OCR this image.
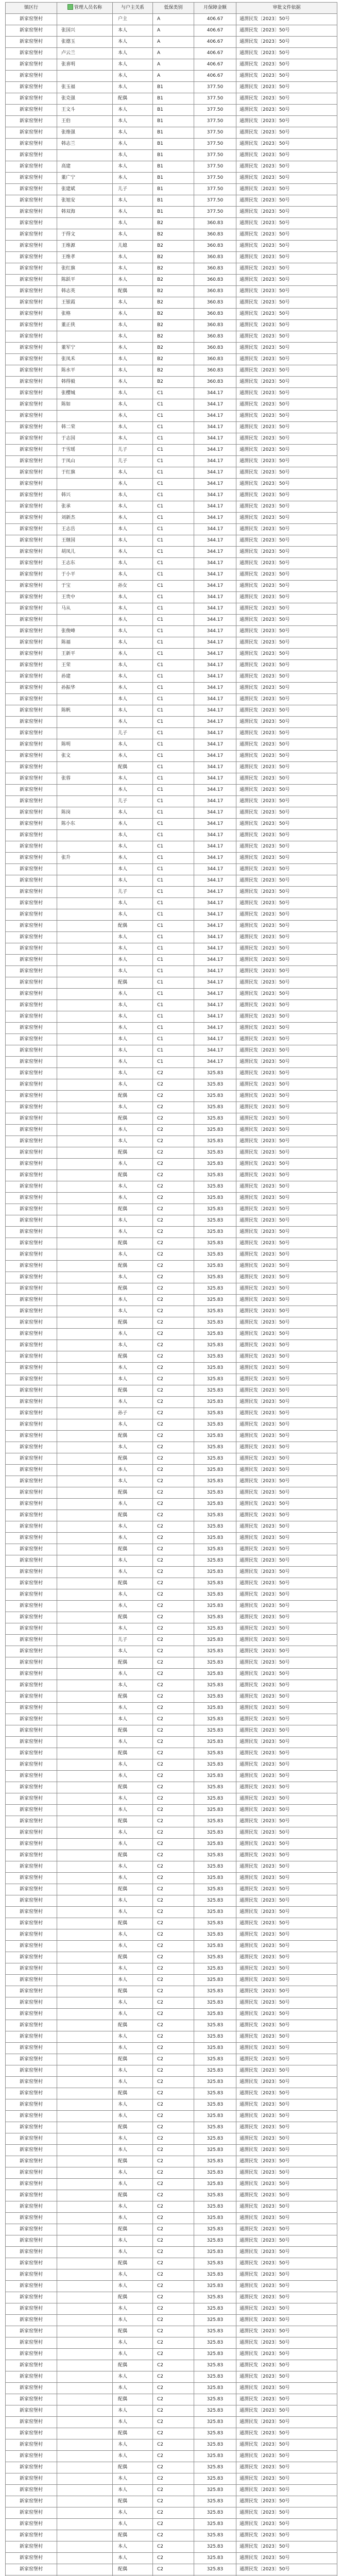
镇区行	管理人员名称	与户主关系	低保类别	月保障金额	审批文件依据
新家窑堡村		户主	A	406.67	通渭民发〔2023〕50号
新家窑堡村	张国兴	本人	A	406.67	通渭民发〔2023〕50号
新家窑堡村	张德玉	本人	A	406.67	通渭民发〔2023〕50号
新家窑堡村	卢云兰	本人	A	406.67	通渭民发〔2023〕50号
新家窑堡村	张喜明	本人	A	406.67	通渭民发〔2023〕50号
新家窑堡村		本人	A	406.67	通渭民发〔2023〕50号
新家窑堡村	张玉福	本人	B1	377.50	通渭民发〔2023〕50号
新家窑堡村	张克强	配偶	B1	377.50	通渭民发〔2023〕50号
新家窑堡村	王文斗	本人	B1	377.50	通渭民发〔2023〕50号
新家窑堡村	王伯	本人	B1	377.50	通渭民发〔2023〕50号
新家窑堡村	张维强	本人	B1	377.50	通渭民发〔2023〕50号
新家窑堡村	韩志兰	本人	B1	377.50	通渭民发〔2023〕50号
新家窑堡村		本人	B1	377.50	通渭民发〔2023〕50号
新家窑堡村	高建	本人	B1	377.50	通渭民发〔2023〕50号
新家窑堡村	董广宁	本人	B1	377.50	通渭民发〔2023〕50号
新家窑堡村	张建斌	儿子	B1	377.50	通渭民发〔2023〕50号
新家窑堡村	张旭安	本人	B1	377.50	通渭民发〔2023〕50号
新家窑堡村	韩双海	本人	B1	377.50	通渭民发〔2023〕50号
新家窑堡村		本人	B2	360.83	通渭民发〔2023〕50号
新家窑堡村	于得文	本人	B2	360.83	通渭民发〔2023〕50号
新家窑堡村	王维源	儿媳	B2	360.83	通渭民发〔2023〕50号
新家窑堡村	王维孝	本人	B2	360.83	通渭民发〔2023〕50号
新家窑堡村	张红旗	本人	B2	360.83	通渭民发〔2023〕50号
新家窑堡村	陈跃平	本人	B2	360.83	通渭民发〔2023〕50号
新家窑堡村	韩志英	配偶	B2	360.83	通渭民发〔2023〕50号
新家窑堡村	王银霞	本人	B2	360.83	通渭民发〔2023〕50号
新家窑堡村	张格	本人	B2	360.83	通渭民发〔2023〕50号
新家窑堡村	董正侠	本人	B2	360.83	通渭民发〔2023〕50号
新家窑堡村		本人	B2	360.83	通渭民发〔2023〕50号
新家窑堡村	董军宁	本人	B2	360.83	通渭民发〔2023〕50号
新家窑堡村	张凤禾	本人	B2	360.83	通渭民发〔2023〕50号
新家窑堡村	陈水平	本人	B2	360.83	通渭民发〔2023〕50号
新家窑堡村	韩得毅	本人	B2	360.83	通渭民发〔2023〕50号
新家窑堡村	张樱城	本人	C1	344.17	通渭民发〔2023〕50号
新家窑堡村	陈如	本人	C1	344.17	通渭民发〔2023〕50号
新家窑堡村		本人	C1	344.17	通渭民发〔2023〕50号
新家窑堡村	韩二荣	本人	C1	344.17	通渭民发〔2023〕50号
新家窑堡村	于志国	本人	C1	344.17	通渭民发〔2023〕50号
新家窑堡村	于雪瑶	儿子	C1	344.17	通渭民发〔2023〕50号
新家窑堡村	于凤山	儿子	C1	344.17	通渭民发〔2023〕50号
新家窑堡村	于红旗	本人	C1	344.17	通渭民发〔2023〕50号
新家窑堡村		本人	C1	344.17	通渭民发〔2023〕50号
新家窑堡村	韩兴	本人	C1	344.17	通渭民发〔2023〕50号
新家窑堡村	张承	本人	C1	344.17	通渭民发〔2023〕50号
新家窑堡村	刘新杰	本人	C1	344.17	通渭民发〔2023〕50号
新家窑堡村	王志岳	本人	C1	344.17	通渭民发〔2023〕50号
新家窑堡村	王继国	本人	C1	344.17	通渭民发〔2023〕50号
新家窑堡村	胡凤儿	本人	C1	344.17	通渭民发〔2023〕50号
新家窑堡村	王志东	本人	C1	344.17	通渭民发〔2023〕50号
新家窑堡村	于小平	本人	C1	344.17	通渭民发〔2023〕50号
新家窑堡村	于宝	孙女	C1	344.17	通渭民发〔2023〕50号
新家窑堡村	王贵中	本人	C1	344.17	通渭民发〔2023〕50号
新家窑堡村	马从	本人	C1	344.17	通渭民发〔2023〕50号
新家窑堡村		本人	C1	344.17	通渭民发〔2023〕50号
新家窑堡村	张俊峰	本人	C1	344.17	通渭民发〔2023〕50号
新家窑堡村	陈福	本人	C1	344.17	通渭民发〔2023〕50号
新家窑堡村	王新平	本人	C1	344.17	通渭民发〔2023〕50号
新家窑堡村	王荣	本人	C1	344.17	通渭民发〔2023〕50号
新家窑堡村	孙建	本人	C1	344.17	通渭民发〔2023〕50号
新家窑堡村	孙振华	本人	C1	344.17	通渭民发〔2023〕50号
新家窑堡村		本人	C1	344.17	通渭民发〔2023〕50号
新家窑堡村	陈帆	本人	C1	344.17	通渭民发〔2023〕50号
新家窑堡村		本人	C1	344.17	通渭民发〔2023〕50号
新家窑堡村		儿子	C1	344.17	通渭民发〔2023〕50号
新家窑堡村	陈明	本人	C1	344.17	通渭民发〔2023〕50号
新家窑堡村	张文	本人	C1	344.17	通渭民发〔2023〕50号
新家窑堡村		配偶	C1	344.17	通渭民发〔2023〕50号
新家窑堡村	张蓉	本人	C1	344.17	通渭民发〔2023〕50号
新家窑堡村		本人	C1	344.17	通渭民发〔2023〕50号
新家窑堡村		儿子	C1	344.17	通渭民发〔2023〕50号
新家窑堡村	陈岗	本人	C1	344.17	通渭民发〔2023〕50号
新家窑堡村	陈小东	本人	C1	344.17	通渭民发〔2023〕50号
新家窑堡村		本人	C1	344.17	通渭民发〔2023〕50号
新家窑堡村		本人	C1	344.17	通渭民发〔2023〕50号
新家窑堡村	张升	本人	C1	344.17	通渭民发〔2023〕50号
新家窑堡村		本人	C1	344.17	通渭民发〔2023〕50号
新家窑堡村		本人	C1	344.17	通渭民发〔2023〕50号
新家窑堡村		儿子	C1	344.17	通渭民发〔2023〕50号
新家窑堡村		本人	C1	344.17	通渭民发〔2023〕50号
新家窑堡村		本人	C1	344.17	通渭民发〔2023〕50号
新家窑堡村		配偶	C1	344.17	通渭民发〔2023〕50号
新家窑堡村		本人	C1	344.17	通渭民发〔2023〕50号
新家窑堡村		本人	C1	344.17	通渭民发〔2023〕50号
新家窑堡村		本人	C1	344.17	通渭民发〔2023〕50号
新家窑堡村		本人	C1	344.17	通渭民发〔2023〕50号
新家窑堡村		配偶	C1	344.17	通渭民发〔2023〕50号
新家窑堡村		本人	C1	344.17	通渭民发〔2023〕50号
新家窑堡村		本人	C1	344.17	通渭民发〔2023〕50号
新家窑堡村		本人	C1	344.17	通渭民发〔2023〕50号
新家窑堡村		本人	C1	344.17	通渭民发〔2023〕50号
新家窑堡村		本人	C1	344.17	通渭民发〔2023〕50号
新家窑堡村		本人	C1	344.17	通渭民发〔2023〕50号
新家窑堡村		本人	C1	344.17	通渭民发〔2023〕50号
新家窑堡村		本人	C2	325.83	通渭民发〔2023〕50号
新家窑堡村		本人	C2	325.83	通渭民发〔2023〕50号
新家窑堡村		配偶	C2	325.83	通渭民发〔2023〕50号
新家窑堡村		本人	C2	325.83	通渭民发〔2023〕50号
新家窑堡村		配偶	C2	325.83	通渭民发〔2023〕50号
新家窑堡村		本人	C2	325.83	通渭民发〔2023〕50号
新家窑堡村		本人	C2	325.83	通渭民发〔2023〕50号
新家窑堡村		配偶	C2	325.83	通渭民发〔2023〕50号
新家窑堡村		本人	C2	325.83	通渭民发〔2023〕50号
新家窑堡村		配偶	C2	325.83	通渭民发〔2023〕50号
新家窑堡村		本人	C2	325.83	通渭民发〔2023〕50号
新家窑堡村		本人	C2	325.83	通渭民发〔2023〕50号
新家窑堡村		配偶	C2	325.83	通渭民发〔2023〕50号
新家窑堡村		本人	C2	325.83	通渭民发〔2023〕50号
新家窑堡村		本人	C2	325.83	通渭民发〔2023〕50号
新家窑堡村		配偶	C2	325.83	通渭民发〔2023〕50号
新家窑堡村		本人	C2	325.83	通渭民发〔2023〕50号
新家窑堡村		配偶	C2	325.83	通渭民发〔2023〕50号
新家窑堡村		本人	C2	325.83	通渭民发〔2023〕50号
新家窑堡村		配偶	C2	325.83	通渭民发〔2023〕50号
新家窑堡村		本人	C2	325.83	通渭民发〔2023〕50号
新家窑堡村		本人	C2	325.83	通渭民发〔2023〕50号
新家窑堡村		配偶	C2	325.83	通渭民发〔2023〕50号
新家窑堡村		本人	C2	325.83	通渭民发〔2023〕50号
新家窑堡村		本人	C2	325.83	通渭民发〔2023〕50号
新家窑堡村		配偶	C2	325.83	通渭民发〔2023〕50号
新家窑堡村		本人	C2	325.83	通渭民发〔2023〕50号
新家窑堡村		本人	C2	325.83	通渭民发〔2023〕50号
新家窑堡村		配偶	C2	325.83	通渭民发〔2023〕50号
新家窑堡村		本人	C2	325.83	通渭民发〔2023〕50号
新家窑堡村		孙子	C2	325.83	通渭民发〔2023〕50号
新家窑堡村		本人	C2	325.83	通渭民发〔2023〕50号
新家窑堡村		配偶	C2	325.83	通渭民发〔2023〕50号
新家窑堡村		本人	C2	325.83	通渭民发〔2023〕50号
新家窑堡村		配偶	C2	325.83	通渭民发〔2023〕50号
新家窑堡村		本人	C2	325.83	通渭民发〔2023〕50号
新家窑堡村		本人	C2	325.83	通渭民发〔2023〕50号
新家窑堡村		配偶	C2	325.83	通渭民发〔2023〕50号
新家窑堡村		本人	C2	325.83	通渭民发〔2023〕50号
新家窑堡村		配偶	C2	325.83	通渭民发〔2023〕50号
新家窑堡村		本人	C2	325.83	通渭民发〔2023〕50号
新家窑堡村		本人	C2	325.83	通渭民发〔2023〕50号
新家窑堡村		配偶	C2	325.83	通渭民发〔2023〕50号
新家窑堡村		本人	C2	325.83	通渭民发〔2023〕50号
新家窑堡村		本人	C2	325.83	通渭民发〔2023〕50号
新家窑堡村		配偶	C2	325.83	通渭民发〔2023〕50号
新家窑堡村		本人	C2	325.83	通渭民发〔2023〕50号
新家窑堡村		本人	C2	325.83	通渭民发〔2023〕50号
新家窑堡村		配偶	C2	325.83	通渭民发〔2023〕50号
新家窑堡村		本人	C2	325.83	通渭民发〔2023〕50号
新家窑堡村		儿子	C2	325.83	通渭民发〔2023〕50号
新家窑堡村		本人	C2	325.83	通渭民发〔2023〕50号
新家窑堡村		配偶	C2	325.83	通渭民发〔2023〕50号
新家窑堡村		本人	C2	325.83	通渭民发〔2023〕50号
新家窑堡村		本人	C2	325.83	通渭民发〔2023〕50号
新家窑堡村		配偶	C2	325.83	通渭民发〔2023〕50号
新家窑堡村		本人	C2	325.83	通渭民发〔2023〕50号
新家窑堡村		本人	C2	325.83	通渭民发〔2023〕50号
新家窑堡村		配偶	C2	325.83	通渭民发〔2023〕50号
新家窑堡村		本人	C2	325.83	通渭民发〔2023〕50号
新家窑堡村		配偶	C2	325.83	通渭民发〔2023〕50号
新家窑堡村		本人	C2	325.83	通渭民发〔2023〕50号
新家窑堡村		本人	C2	325.83	通渭民发〔2023〕50号
新家窑堡村		配偶	C2	325.83	通渭民发〔2023〕50号
新家窑堡村		本人	C2	325.83	通渭民发〔2023〕50号
新家窑堡村		本人	C2	325.83	通渭民发〔2023〕50号
新家窑堡村		配偶	C2	325.83	通渭民发〔2023〕50号
新家窑堡村		本人	C2	325.83	通渭民发〔2023〕50号
新家窑堡村		本人	C2	325.83	通渭民发〔2023〕50号
新家窑堡村		配偶	C2	325.83	通渭民发〔2023〕50号
新家窑堡村		本人	C2	325.83	通渭民发〔2023〕50号
新家窑堡村		本人	C2	325.83	通渭民发〔2023〕50号
新家窑堡村		配偶	C2	325.83	通渭民发〔2023〕50号
新家窑堡村		本人	C2	325.83	通渭民发〔2023〕50号
新家窑堡村		本人	C2	325.83	通渭民发〔2023〕50号
新家窑堡村		配偶	C2	325.83	通渭民发〔2023〕50号
新家窑堡村		本人	C2	325.83	通渭民发〔2023〕50号
新家窑堡村		本人	C2	325.83	通渭民发〔2023〕50号
新家窑堡村		配偶	C2	325.83	通渭民发〔2023〕50号
新家窑堡村		本人	C2	325.83	通渭民发〔2023〕50号
新家窑堡村		本人	C2	325.83	通渭民发〔2023〕50号
新家窑堡村		配偶	C2	325.83	通渭民发〔2023〕50号
新家窑堡村		本人	C2	325.83	通渭民发〔2023〕50号
新家窑堡村		本人	C2	325.83	通渭民发〔2023〕50号
新家窑堡村		配偶	C2	325.83	通渭民发〔2023〕50号
新家窑堡村		本人	C2	325.83	通渭民发〔2023〕50号
新家窑堡村		本人	C2	325.83	通渭民发〔2023〕50号
新家窑堡村		配偶	C2	325.83	通渭民发〔2023〕50号
新家窑堡村		本人	C2	325.83	通渭民发〔2023〕50号
新家窑堡村		本人	C2	325.83	通渭民发〔2023〕50号
新家窑堡村		配偶	C2	325.83	通渭民发〔2023〕50号
新家窑堡村		本人	C2	325.83	通渭民发〔2023〕50号
新家窑堡村		本人	C2	325.83	通渭民发〔2023〕50号
新家窑堡村		配偶	C2	325.83	通渭民发〔2023〕50号
新家窑堡村		本人	C2	325.83	通渭民发〔2023〕50号
新家窑堡村		本人	C2	325.83	通渭民发〔2023〕50号
新家窑堡村		配偶	C2	325.83	通渭民发〔2023〕50号
新家窑堡村		本人	C2	325.83	通渭民发〔2023〕50号
新家窑堡村		本人	C2	325.83	通渭民发〔2023〕50号
新家窑堡村		配偶	C2	325.83	通渭民发〔2023〕50号
新家窑堡村		本人	C2	325.83	通渭民发〔2023〕50号
新家窑堡村		本人	C2	325.83	通渭民发〔2023〕50号
新家窑堡村		配偶	C2	325.83	通渭民发〔2023〕50号
新家窑堡村		本人	C2	325.83	通渭民发〔2023〕50号
新家窑堡村		本人	C2	325.83	通渭民发〔2023〕50号
新家窑堡村		配偶	C2	325.83	通渭民发〔2023〕50号
新家窑堡村		本人	C2	325.83	通渭民发〔2023〕50号
新家窑堡村		本人	C2	325.83	通渭民发〔2023〕50号
新家窑堡村		配偶	C2	325.83	通渭民发〔2023〕50号
新家窑堡村		本人	C2	325.83	通渭民发〔2023〕50号
新家窑堡村		本人	C2	325.83	通渭民发〔2023〕50号
新家窑堡村		配偶	C2	325.83	通渭民发〔2023〕50号
新家窑堡村		本人	C2	325.83	通渭民发〔2023〕50号
新家窑堡村		本人	C2	325.83	通渭民发〔2023〕50号
新家窑堡村		配偶	C2	325.83	通渭民发〔2023〕50号
新家窑堡村		本人	C2	325.83	通渭民发〔2023〕50号
新家窑堡村		本人	C2	325.83	通渭民发〔2023〕50号
新家窑堡村		配偶	C2	325.83	通渭民发〔2023〕50号
新家窑堡村		本人	C2	325.83	通渭民发〔2023〕50号
新家窑堡村		本人	C2	325.83	通渭民发〔2023〕50号
新家窑堡村		配偶	C2	325.83	通渭民发〔2023〕50号
新家窑堡村		本人	C2	325.83	通渭民发〔2023〕50号
新家窑堡村		本人	C2	325.83	通渭民发〔2023〕50号
新家窑堡村		配偶	C2	325.83	通渭民发〔2023〕50号
新家窑堡村		本人	C2	325.83	通渭民发〔2023〕50号
新家窑堡村		本人	C2	325.83	通渭民发〔2023〕50号
新家窑堡村		配偶	C2	325.83	通渭民发〔2023〕50号
新家窑堡村		本人	C2	325.83	通渭民发〔2023〕50号
新家窑堡村		本人	C2	325.83	通渭民发〔2023〕50号
新家窑堡村		配偶	C2	325.83	通渭民发〔2023〕50号
新家窑堡村		本人	C2	325.83	通渭民发〔2023〕50号
新家窑堡村		本人	C2	325.83	通渭民发〔2023〕50号
新家窑堡村		配偶	C2	325.83	通渭民发〔2023〕50号
